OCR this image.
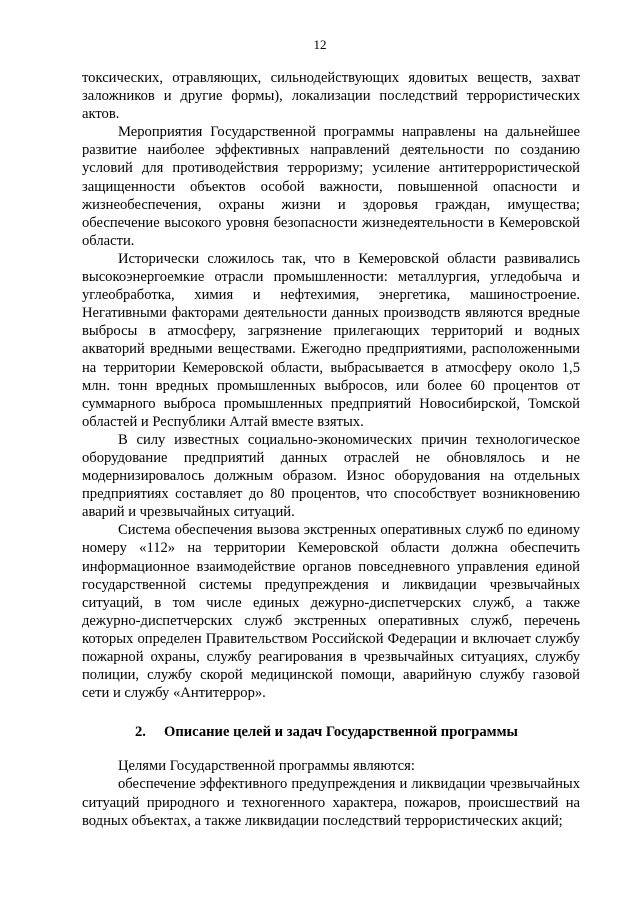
12

токсических, отравляющих, сильнодействующих ядовитых веществ, захват заложников и другие формы), локализации последствий террористических актов.

Мероприятия Государственной программы направлены на дальнейшее развитие наиболее эффективных направлений деятельности по созданию условий для противодействия терроризму; усиление антитеррористической защищенности объектов особой важности, повышенной опасности и жизнеобеспечения, охраны жизни и здоровья граждан, имущества; обеспечение высокого уровня безопасности жизнедеятельности в Кемеровской области.

Исторически сложилось так, что в Кемеровской области развивались высокоэнергоемкие отрасли промышленности: металлургия, угледобыча и углеобработка, химия и нефтехимия, энергетика, машиностроение. Негативными факторами деятельности данных производств являются вредные выбросы в атмосферу, загрязнение прилегающих территорий и водных акваторий вредными веществами. Ежегодно предприятиями, расположенными на территории Кемеровской области, выбрасывается в атмосферу около 1,5 млн. тонн вредных промышленных выбросов, или более 60 процентов от суммарного выброса промышленных предприятий Новосибирской, Томской областей и Республики Алтай вместе взятых.

В силу известных социально-экономических причин технологическое оборудование предприятий данных отраслей не обновлялось и не модернизировалось должным образом. Износ оборудования на отдельных предприятиях составляет до 80 процентов, что способствует возникновению аварий и чрезвычайных ситуаций.

Система обеспечения вызова экстренных оперативных служб по единому номеру «112» на территории Кемеровской области должна обеспечить информационное взаимодействие органов повседневного управления единой государственной системы предупреждения и ликвидации чрезвычайных ситуаций, в том числе единых дежурно-диспетчерских служб, а также дежурно-диспетчерских служб экстренных оперативных служб, перечень которых определен Правительством Российской Федерации и включает службу пожарной охраны, службу реагирования в чрезвычайных ситуациях, службу полиции, службу скорой медицинской помощи, аварийную службу газовой сети и службу «Антитеррор».

2. Описание целей и задач Государственной программы

Целями Государственной программы являются:

обеспечение эффективного предупреждения и ликвидации чрезвычайных ситуаций природного и техногенного характера, пожаров, происшествий на водных объектах, а также ликвидации последствий террористических акций;
